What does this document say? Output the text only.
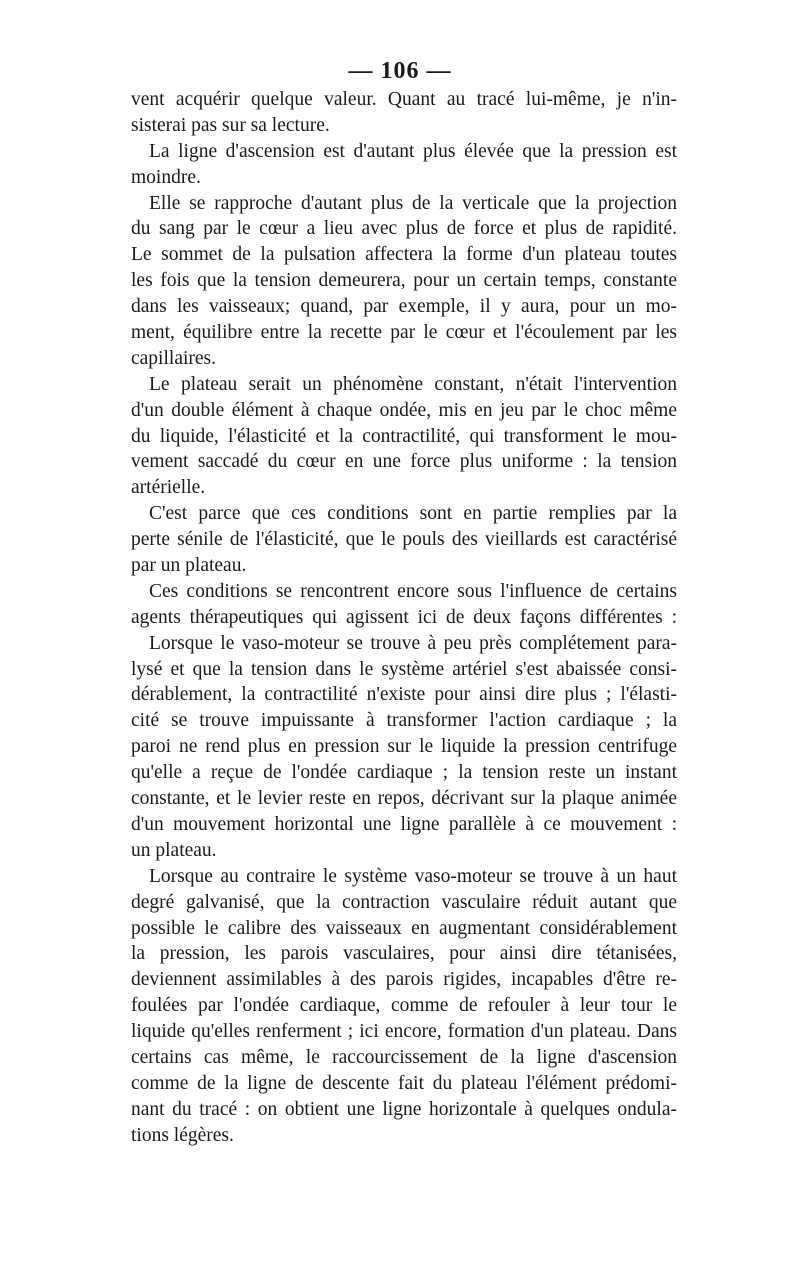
— 106 —
vent acquérir quelque valeur. Quant au tracé lui-même, je n'in-
sisterai pas sur sa lecture.
La ligne d'ascension est d'autant plus élevée que la pression est
moindre.
Elle se rapproche d'autant plus de la verticale que la projection
du sang par le cœur a lieu avec plus de force et plus de rapidité.
Le sommet de la pulsation affectera la forme d'un plateau toutes
les fois que la tension demeurera, pour un certain temps, constante
dans les vaisseaux; quand, par exemple, il y aura, pour un mo-
ment, équilibre entre la recette par le cœur et l'écoulement par les
capillaires.
Le plateau serait un phénomène constant, n'était l'intervention
d'un double élément à chaque ondée, mis en jeu par le choc même
du liquide, l'élasticité et la contractilité, qui transforment le mou-
vement saccadé du cœur en une force plus uniforme : la tension
artérielle.
C'est parce que ces conditions sont en partie remplies par la
perte sénile de l'élasticité, que le pouls des vieillards est caractérisé
par un plateau.
Ces conditions se rencontrent encore sous l'influence de certains
agents thérapeutiques qui agissent ici de deux façons différentes :
Lorsque le vaso-moteur se trouve à peu près complétement para-
lysé et que la tension dans le système artériel s'est abaissée consi-
dérablement, la contractilité n'existe pour ainsi dire plus ; l'élasti-
cité se trouve impuissante à transformer l'action cardiaque ; la
paroi ne rend plus en pression sur le liquide la pression centrifuge
qu'elle a reçue de l'ondée cardiaque ; la tension reste un instant
constante, et le levier reste en repos, décrivant sur la plaque animée
d'un mouvement horizontal une ligne parallèle à ce mouvement :
un plateau.
Lorsque au contraire le système vaso-moteur se trouve à un haut
degré galvanisé, que la contraction vasculaire réduit autant que
possible le calibre des vaisseaux en augmentant considérablement
la pression, les parois vasculaires, pour ainsi dire tétanisées,
deviennent assimilables à des parois rigides, incapables d'être re-
foulées par l'ondée cardiaque, comme de refouler à leur tour le
liquide qu'elles renferment ; ici encore, formation d'un plateau. Dans
certains cas même, le raccourcissement de la ligne d'ascension
comme de la ligne de descente fait du plateau l'élément prédomi-
nant du tracé : on obtient une ligne horizontale à quelques ondula-
tions légères.
